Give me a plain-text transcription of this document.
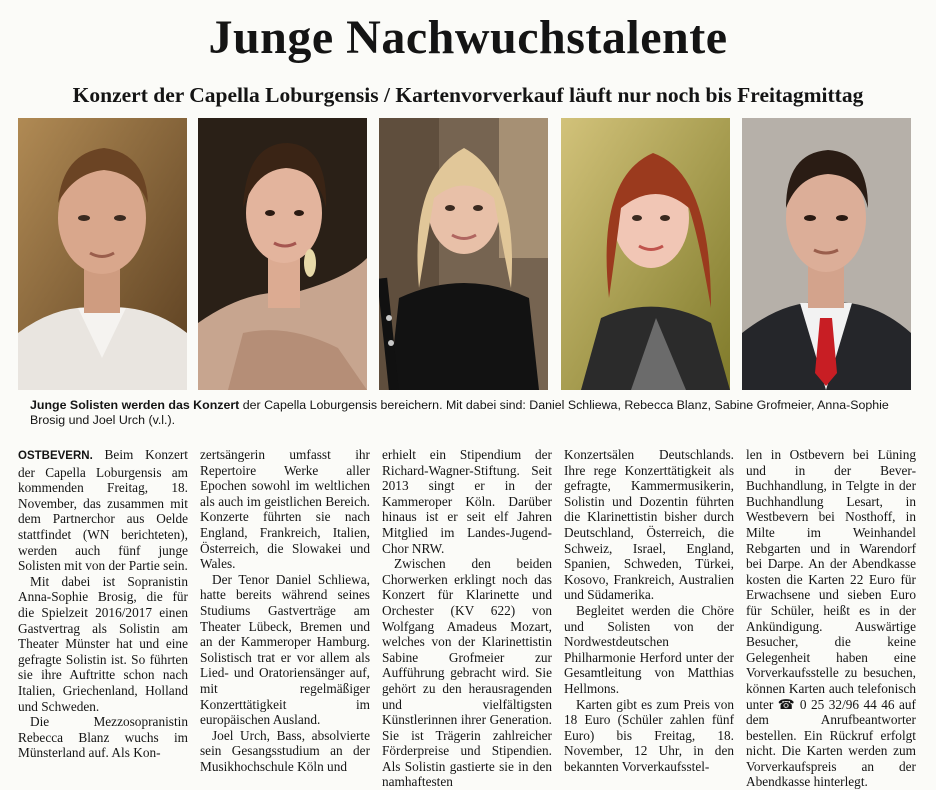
Junge Nachwuchstalente
Konzert der Capella Loburgensis / Kartenvorverkauf läuft nur noch bis Freitagmittag

Junge Solisten werden das Konzert der Capella Loburgensis bereichern. Mit dabei sind: Daniel Schliewa, Rebecca Blanz, Sabine Grofmeier, Anna-Sophie Brosig und Joel Urch (v.l.).

OSTBEVERN. Beim Konzert der Capella Loburgensis am kommenden Freitag, 18. November, das zusammen mit dem Partnerchor aus Oelde stattfindet (WN berichteten), werden auch fünf junge Solisten mit von der Partie sein.

Mit dabei ist Sopranistin Anna-Sophie Brosig, die für die Spielzeit 2016/2017 einen Gastvertrag als Solistin am Theater Münster hat und eine gefragte Solistin ist. So führten sie ihre Auftritte schon nach Italien, Griechenland, Holland und Schweden.

Die Mezzosopranistin Rebecca Blanz wuchs im Münsterland auf. Als Kon-

zertsängerin umfasst ihr Repertoire Werke aller Epochen sowohl im weltlichen als auch im geistlichen Bereich. Konzerte führten sie nach England, Frankreich, Italien, Österreich, die Slowakei und Wales.

Der Tenor Daniel Schliewa, hatte bereits während seines Studiums Gastverträge am Theater Lübeck, Bremen und an der Kammeroper Hamburg. Solistisch trat er vor allem als Lied- und Oratoriensänger auf, mit regelmäßiger Konzerttätigkeit im europäischen Ausland.

Joel Urch, Bass, absolvierte sein Gesangsstudium an der Musikhochschule Köln und

erhielt ein Stipendium der Richard-Wagner-Stiftung. Seit 2013 singt er in der Kammeroper Köln. Darüber hinaus ist er seit elf Jahren Mitglied im Landes-Jugend-Chor NRW.

Zwischen den beiden Chorwerken erklingt noch das Konzert für Klarinette und Orchester (KV 622) von Wolfgang Amadeus Mozart, welches von der Klarinettistin Sabine Grofmeier zur Aufführung gebracht wird. Sie gehört zu den herausragenden und vielfältigsten Künstlerinnen ihrer Generation. Sie ist Trägerin zahlreicher Förderpreise und Stipendien. Als Solistin gastierte sie in den namhaftesten

Konzertsälen Deutschlands. Ihre rege Konzerttätigkeit als gefragte, Kammermusikerin, Solistin und Dozentin führten die Klarinettistin bisher durch Deutschland, Österreich, die Schweiz, Israel, England, Spanien, Schweden, Türkei, Kosovo, Frankreich, Australien und Südamerika.

Begleitet werden die Chöre und Solisten von der Nordwestdeutschen Philharmonie Herford unter der Gesamtleitung von Matthias Hellmons.

Karten gibt es zum Preis von 18 Euro (Schüler zahlen fünf Euro) bis Freitag, 18. November, 12 Uhr, in den bekannten Vorverkaufsstel-

len in Ostbevern bei Lüning und in der Bever-Buchhandlung, in Telgte in der Buchhandlung Lesart, in Westbevern bei Nosthoff, in Milte im Weinhandel Rebgarten und in Warendorf bei Darpe. An der Abendkasse kosten die Karten 22 Euro für Erwachsene und sieben Euro für Schüler, heißt es in der Ankündigung. Auswärtige Besucher, die keine Gelegenheit haben eine Vorverkaufsstelle zu besuchen, können Karten auch telefonisch unter ☎ 0 25 32/96 44 46 auf dem Anrufbeantworter bestellen. Ein Rückruf erfolgt nicht. Die Karten werden zum Vorverkaufspreis an der Abendkasse hinterlegt.
